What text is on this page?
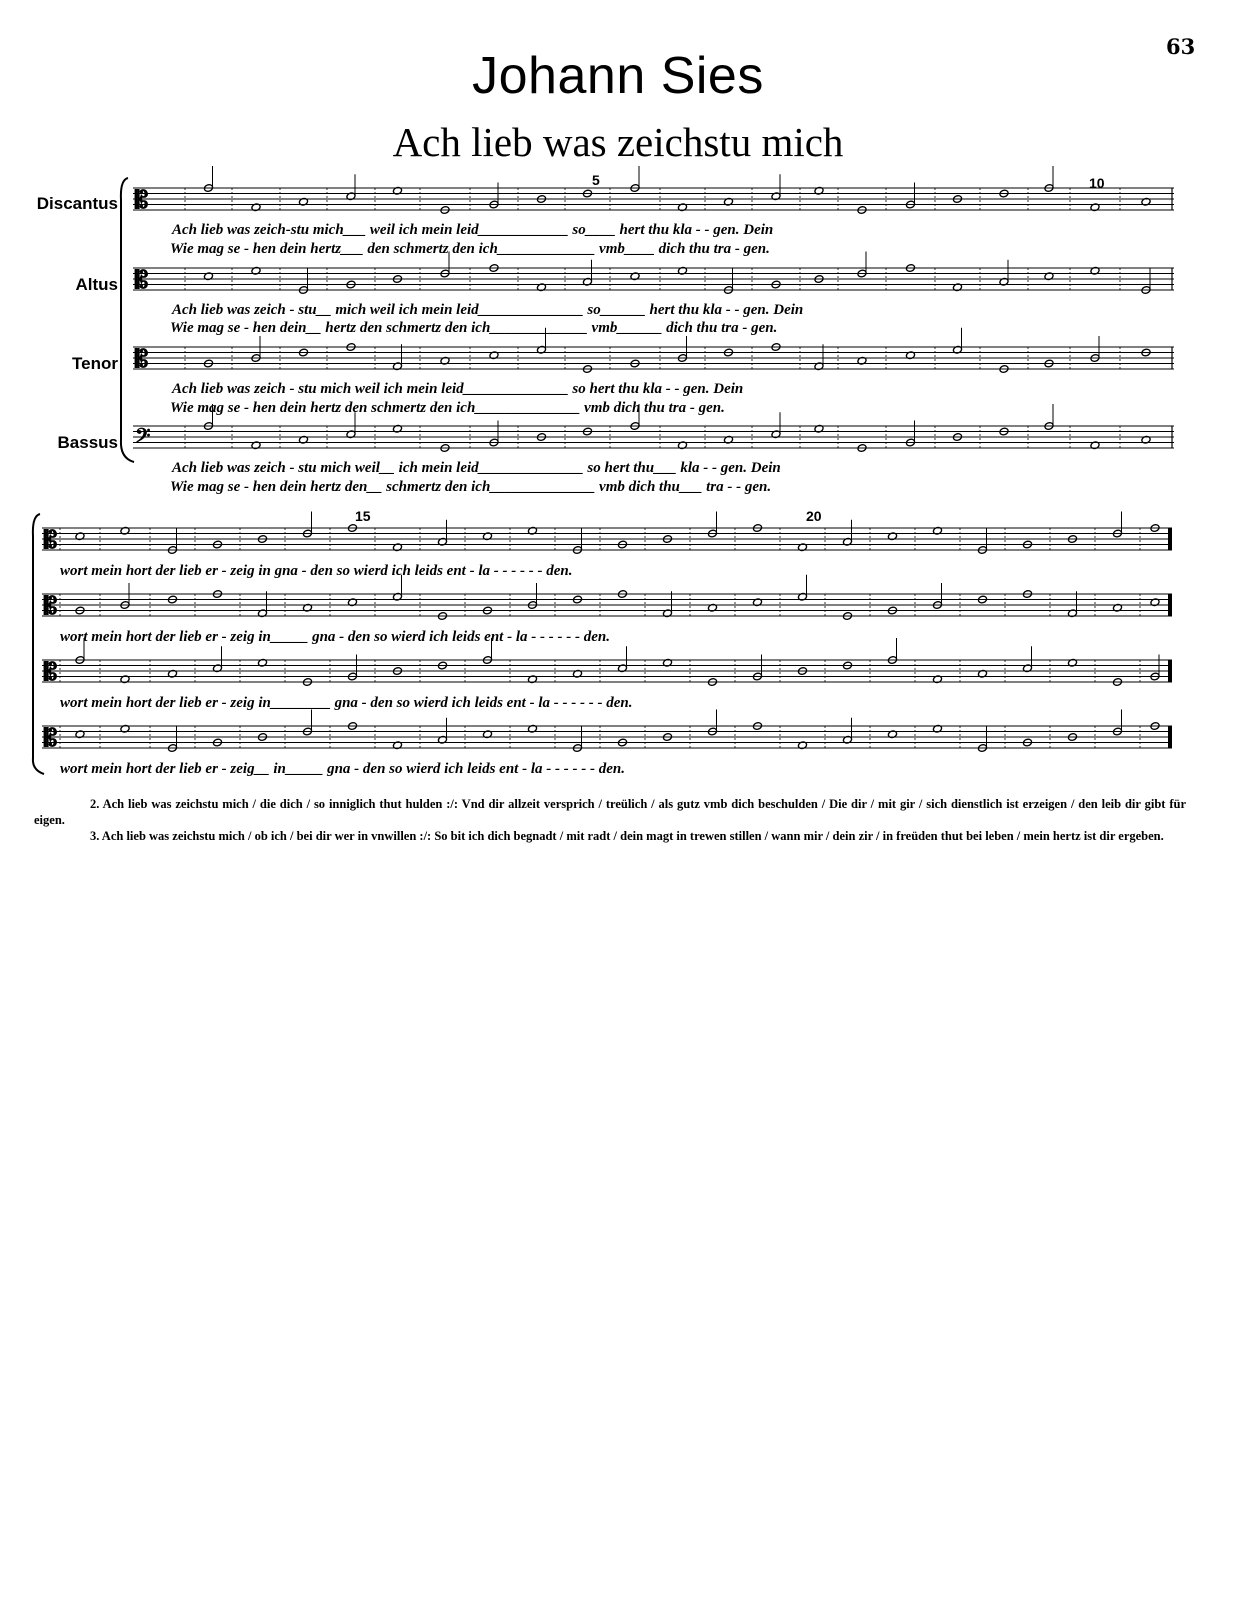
63
Johann Sies
Ach lieb was zeichstu mich
Discantus
Altus
Tenor
Bassus
5	10
15	20
𝄡
𝄡
𝄡
𝄢
𝄡
𝄡
𝄡
𝄡
Ach lieb was zeich-stu mich___ weil ich mein leid____________ so____ hert thu kla - - gen. Dein
Wie mag se - hen dein hertz___ den schmertz den ich_____________ vmb____ dich thu tra - gen.
Ach lieb was zeich - stu__ mich weil ich mein leid______________ so______ hert thu kla - - gen. Dein
Wie mag se - hen dein__ hertz den schmertz den ich_____________ vmb______ dich thu tra - gen.
Ach lieb was zeich - stu mich weil ich mein leid______________ so hert thu kla - - gen. Dein
Wie mag se - hen dein hertz den schmertz den ich______________ vmb dich thu tra - gen.
Ach lieb was zeich - stu mich weil__ ich mein leid______________ so hert thu___ kla - - gen. Dein
Wie mag se - hen dein hertz den__ schmertz den ich______________ vmb dich thu___ tra - - gen.
wort mein hort der lieb er - zeig in gna - den so wierd ich leids ent - la - - - - - - den.
wort mein hort der lieb er - zeig in_____ gna - den so wierd ich leids ent - la - - - - - - den.
wort mein hort der lieb er - zeig in________ gna - den so wierd ich leids ent - la - - - - - - den.
wort mein hort der lieb er - zeig__ in_____ gna - den so wierd ich leids ent - la - - - - - - den.

2. Ach lieb was zeichstu mich / die dich / so inniglich thut hulden :/: Vnd dir allzeit versprich / treülich / als gutz vmb dich beschulden / Die dir / mit gir / sich dienstlich ist erzeigen / den leib dir gibt für eigen.

3. Ach lieb was zeichstu mich / ob ich / bei dir wer in vnwillen :/: So bit ich dich begnadt / mit radt / dein magt in trewen stillen / wann mir / dein zir / in freüden thut bei leben / mein hertz ist dir ergeben.
